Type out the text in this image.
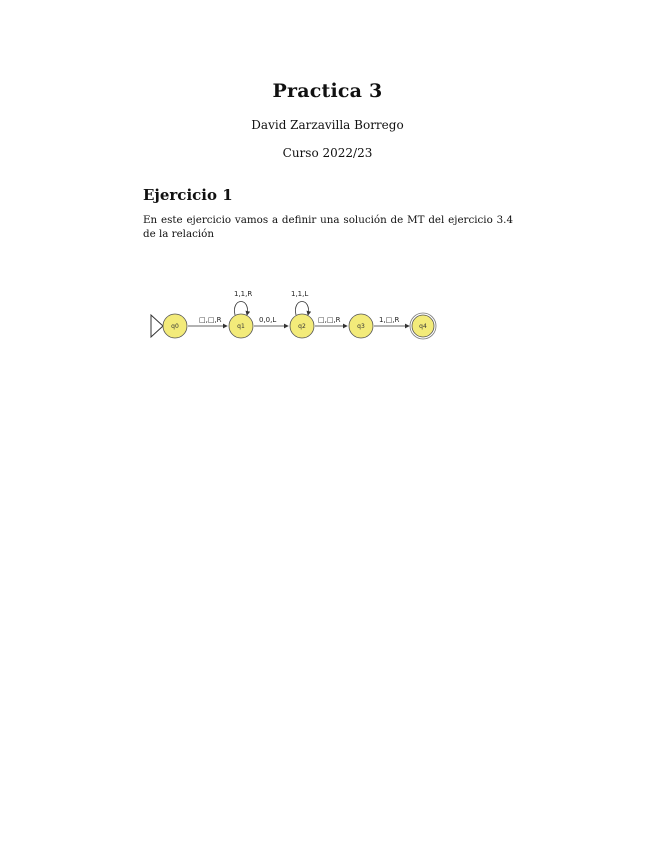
Practica 3
David Zarzavilla Borrego
Curso 2022/23
Ejercicio 1
En este ejercicio vamos a definir una solución de MT del ejercicio 3.4 de la relación
□,□,R
1,1,R
0,0,L
1,1,L
□,□,R	1,□,R
q0	q1	q2	q3	q4
